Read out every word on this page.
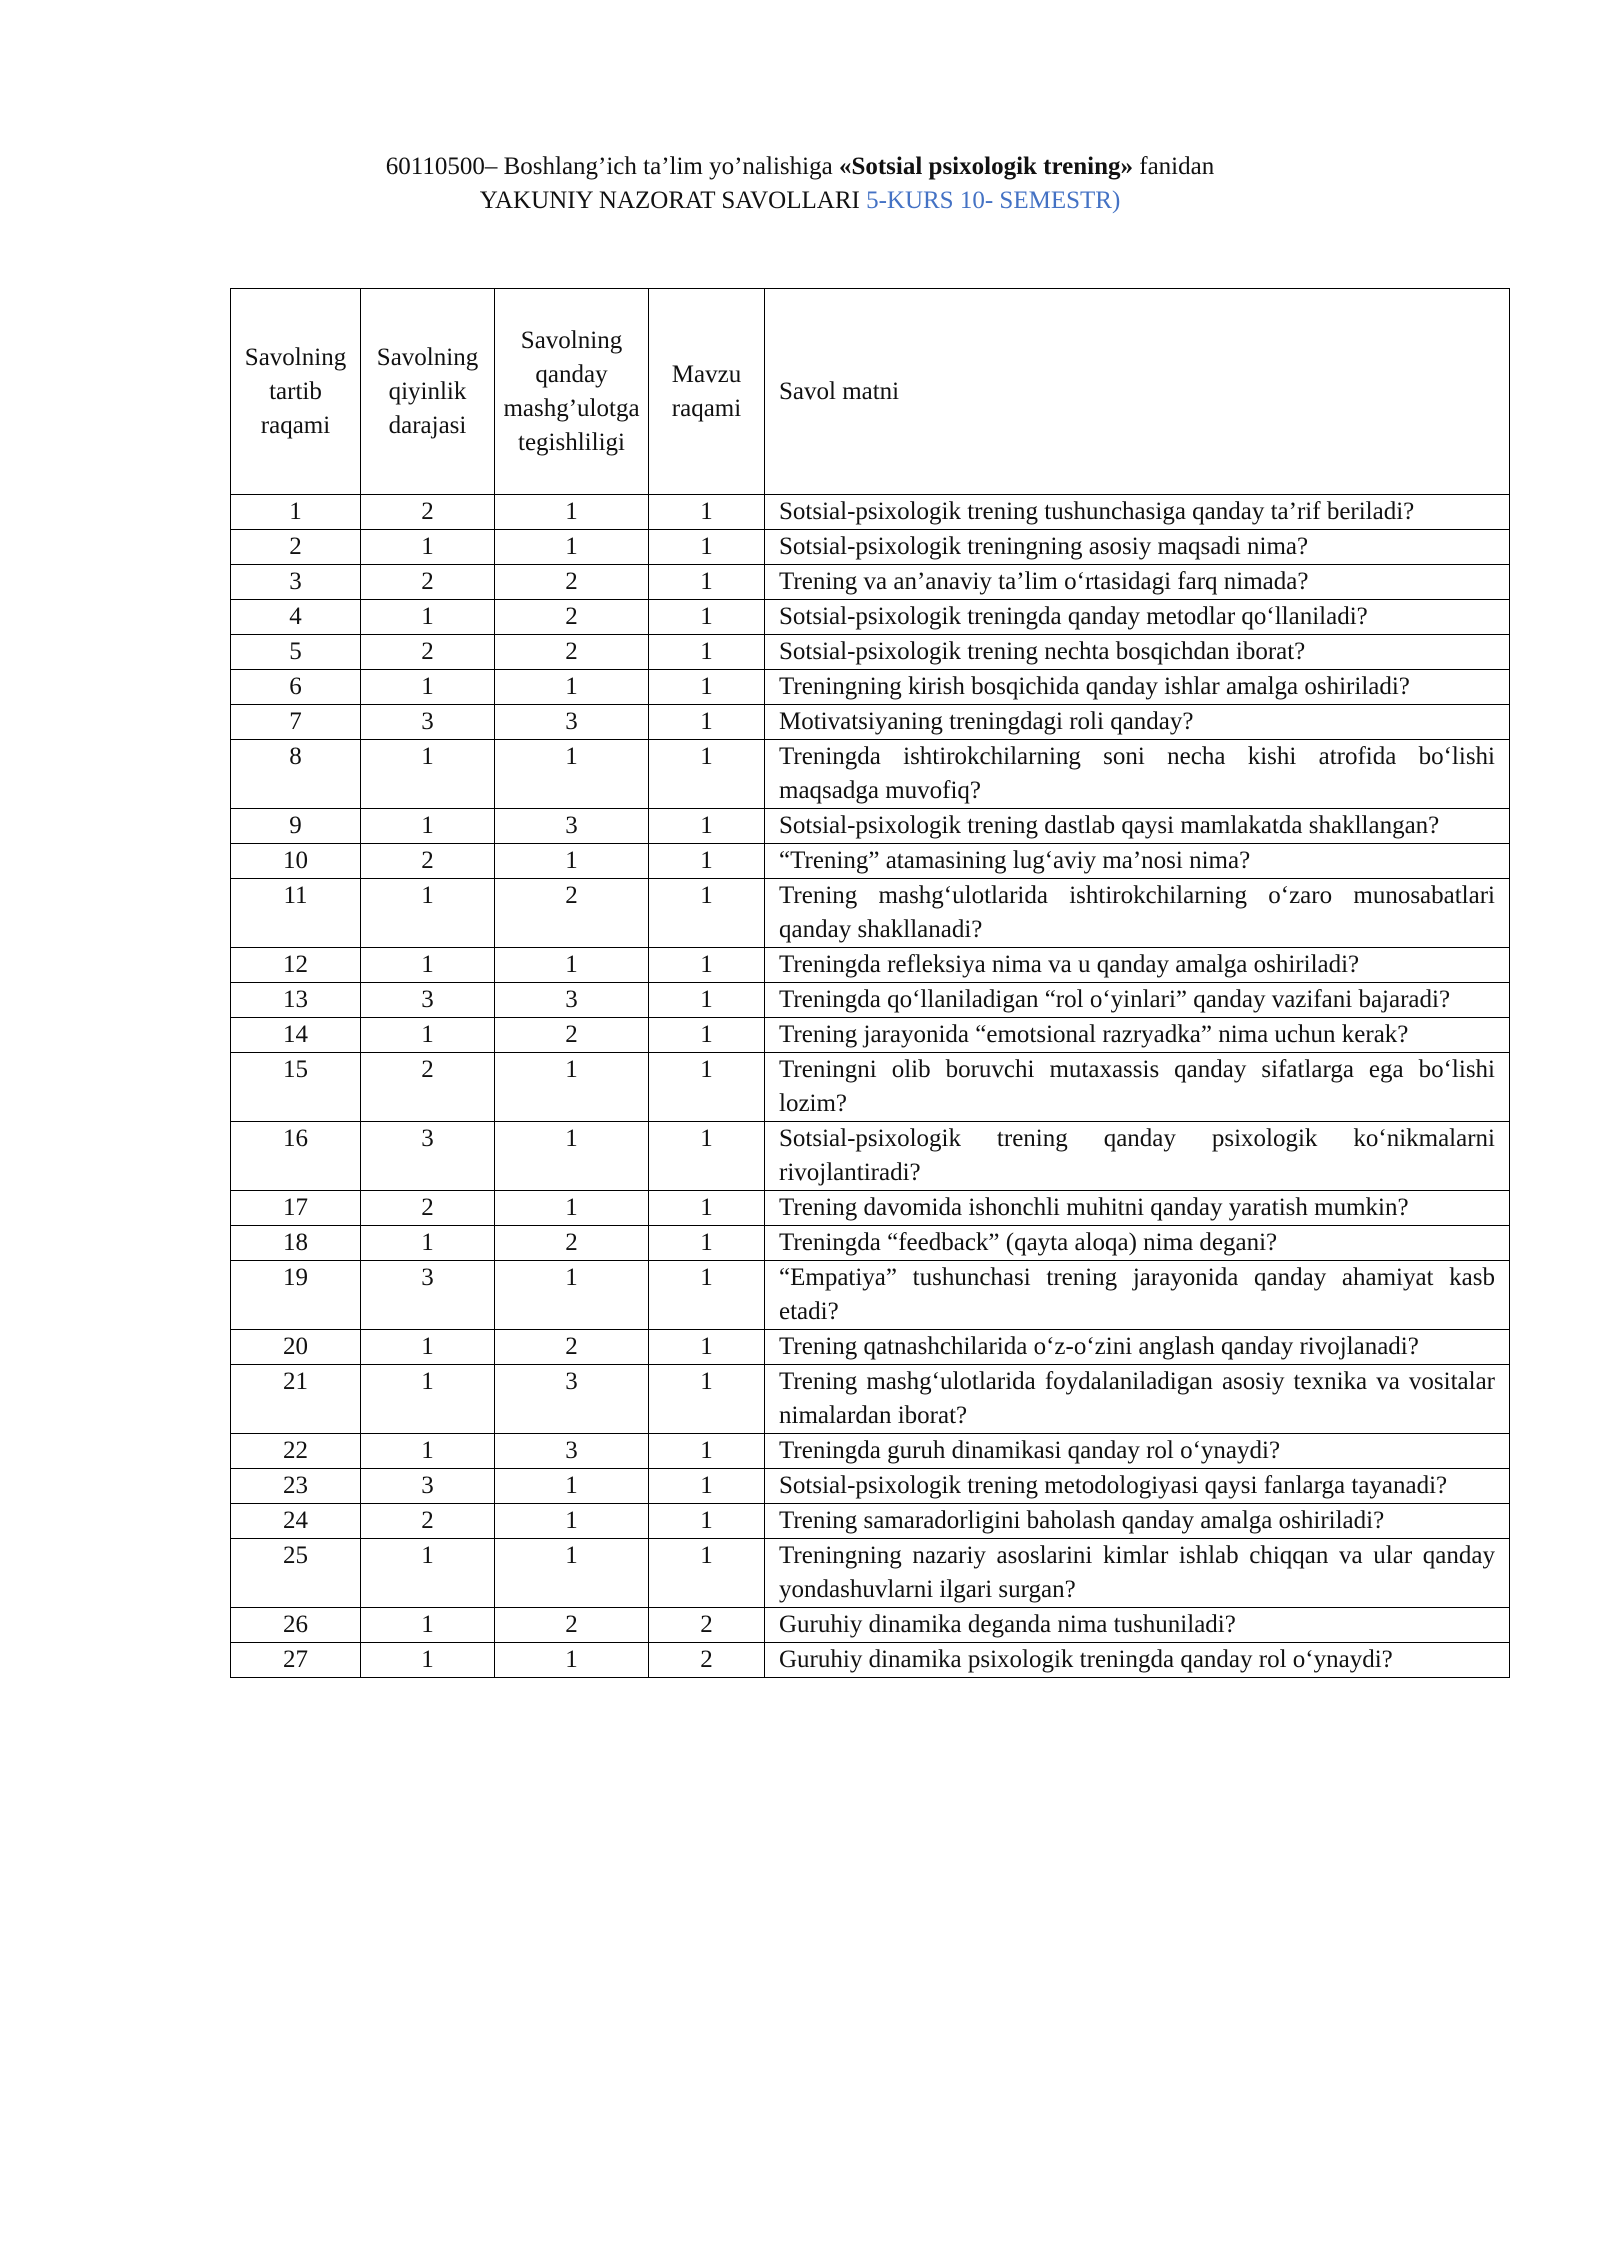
60110500– Boshlang’ich ta’lim yo’nalishiga «Sotsial psixologik trening» fanidan
YAKUNIY NAZORAT SAVOLLARI 5-KURS 10- SEMESTR)
Savolning tartib raqami	Savolning qiyinlik darajasi	Savolning qanday mashg’ulotga tegishliligi	Mavzu raqami	Savol matni
1	2	1	1	Sotsial-psixologik trening tushunchasiga qanday ta’rif beriladi?
2	1	1	1	Sotsial-psixologik treningning asosiy maqsadi nima?
3	2	2	1	Trening va an’anaviy ta’lim o‘rtasidagi farq nimada?
4	1	2	1	Sotsial-psixologik treningda qanday metodlar qo‘llaniladi?
5	2	2	1	Sotsial-psixologik trening nechta bosqichdan iborat?
6	1	1	1	Treningning kirish bosqichida qanday ishlar amalga oshiriladi?
7	3	3	1	Motivatsiyaning treningdagi roli qanday?
8	1	1	1	Treningda ishtirokchilarning soni necha kishi atrofida bo‘lishi maqsadga muvofiq?
9	1	3	1	Sotsial-psixologik trening dastlab qaysi mamlakatda shakllangan?
10	2	1	1	“Trening” atamasining lug‘aviy ma’nosi nima?
11	1	2	1	Trening mashg‘ulotlarida ishtirokchilarning o‘zaro munosabatlari qanday shakllanadi?
12	1	1	1	Treningda refleksiya nima va u qanday amalga oshiriladi?
13	3	3	1	Treningda qo‘llaniladigan “rol o‘yinlari” qanday vazifani bajaradi?
14	1	2	1	Trening jarayonida “emotsional razryadka” nima uchun kerak?
15	2	1	1	Treningni olib boruvchi mutaxassis qanday sifatlarga ega bo‘lishi lozim?
16	3	1	1	Sotsial-psixologik trening qanday psixologik ko‘nikmalarni rivojlantiradi?
17	2	1	1	Trening davomida ishonchli muhitni qanday yaratish mumkin?
18	1	2	1	Treningda “feedback” (qayta aloqa) nima degani?
19	3	1	1	“Empatiya” tushunchasi trening jarayonida qanday ahamiyat kasb etadi?
20	1	2	1	Trening qatnashchilarida o‘z-o‘zini anglash qanday rivojlanadi?
21	1	3	1	Trening mashg‘ulotlarida foydalaniladigan asosiy texnika va vositalar nimalardan iborat?
22	1	3	1	Treningda guruh dinamikasi qanday rol o‘ynaydi?
23	3	1	1	Sotsial-psixologik trening metodologiyasi qaysi fanlarga tayanadi?
24	2	1	1	Trening samaradorligini baholash qanday amalga oshiriladi?
25	1	1	1	Treningning nazariy asoslarini kimlar ishlab chiqqan va ular qanday yondashuvlarni ilgari surgan?
26	1	2	2	Guruhiy dinamika deganda nima tushuniladi?
27	1	1	2	Guruhiy dinamika psixologik treningda qanday rol o‘ynaydi?
